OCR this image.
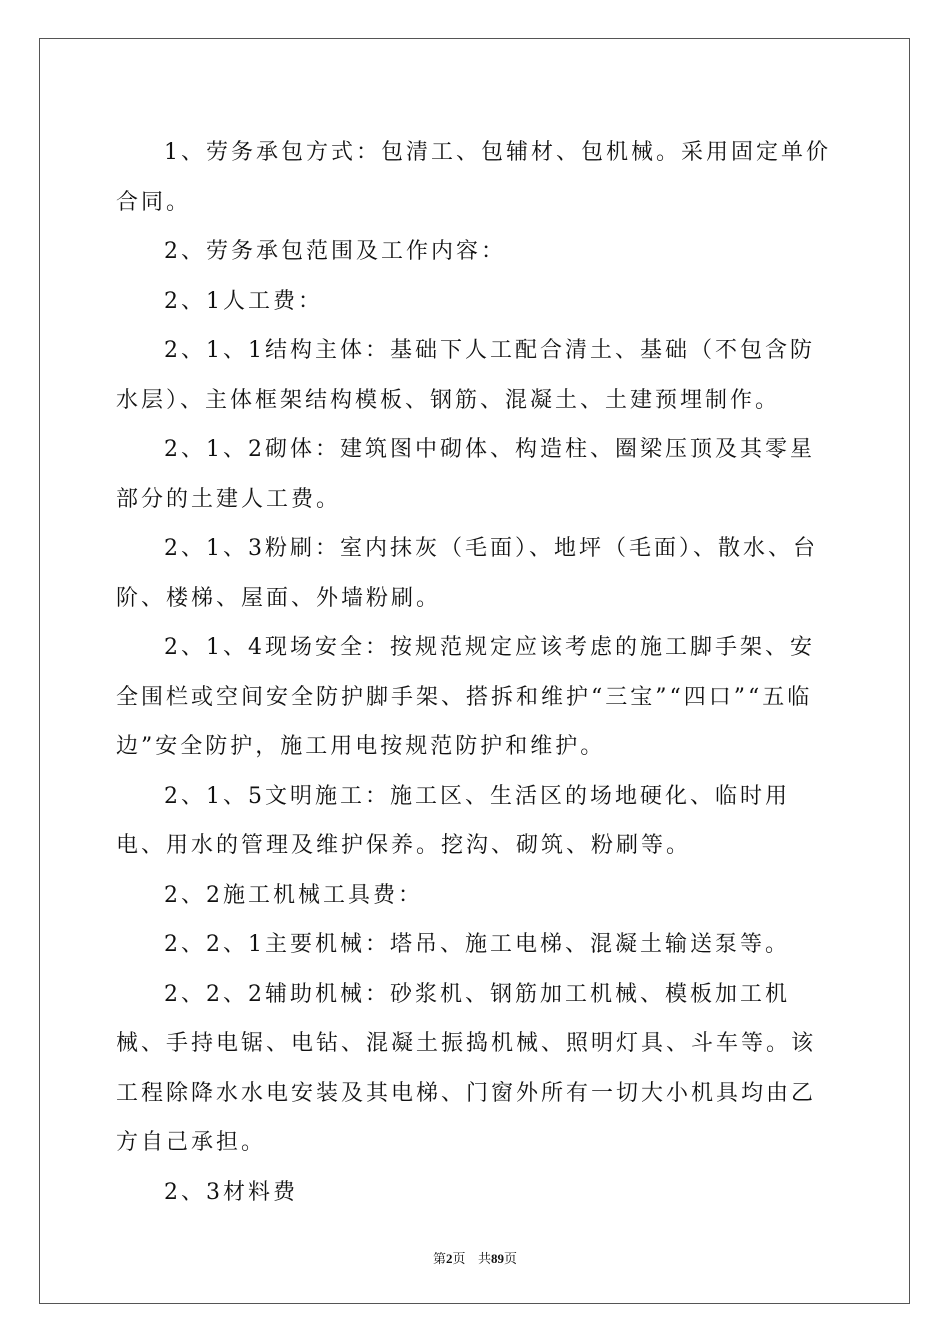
1、劳务承包方式：包清工、包辅材、包机械。采用固定单价合同。

2、劳务承包范围及工作内容：

2、1人工费：

2、1、1结构主体：基础下人工配合清土、基础（不包含防水层）、主体框架结构模板、钢筋、混凝土、土建预埋制作。

2、1、2砌体：建筑图中砌体、构造柱、圈梁压顶及其零星部分的土建人工费。

2、1、3粉刷：室内抹灰（毛面）、地坪（毛面）、散水、台阶、楼梯、屋面、外墙粉刷。

2、1、4现场安全：按规范规定应该考虑的施工脚手架、安全围栏或空间安全防护脚手架、搭拆和维护“三宝”“四口”“五临边”安全防护，施工用电按规范防护和维护。

2、1、5文明施工：施工区、生活区的场地硬化、临时用电、用水的管理及维护保养。挖沟、砌筑、粉刷等。

2、2施工机械工具费：

2、2、1主要机械：塔吊、施工电梯、混凝土输送泵等。

2、2、2辅助机械：砂浆机、钢筋加工机械、模板加工机械、手持电锯、电钻、混凝土振捣机械、照明灯具、斗车等。该工程除降水水电安装及其电梯、门窗外所有一切大小机具均由乙方自己承担。

2、3材料费

第2页 共89页
